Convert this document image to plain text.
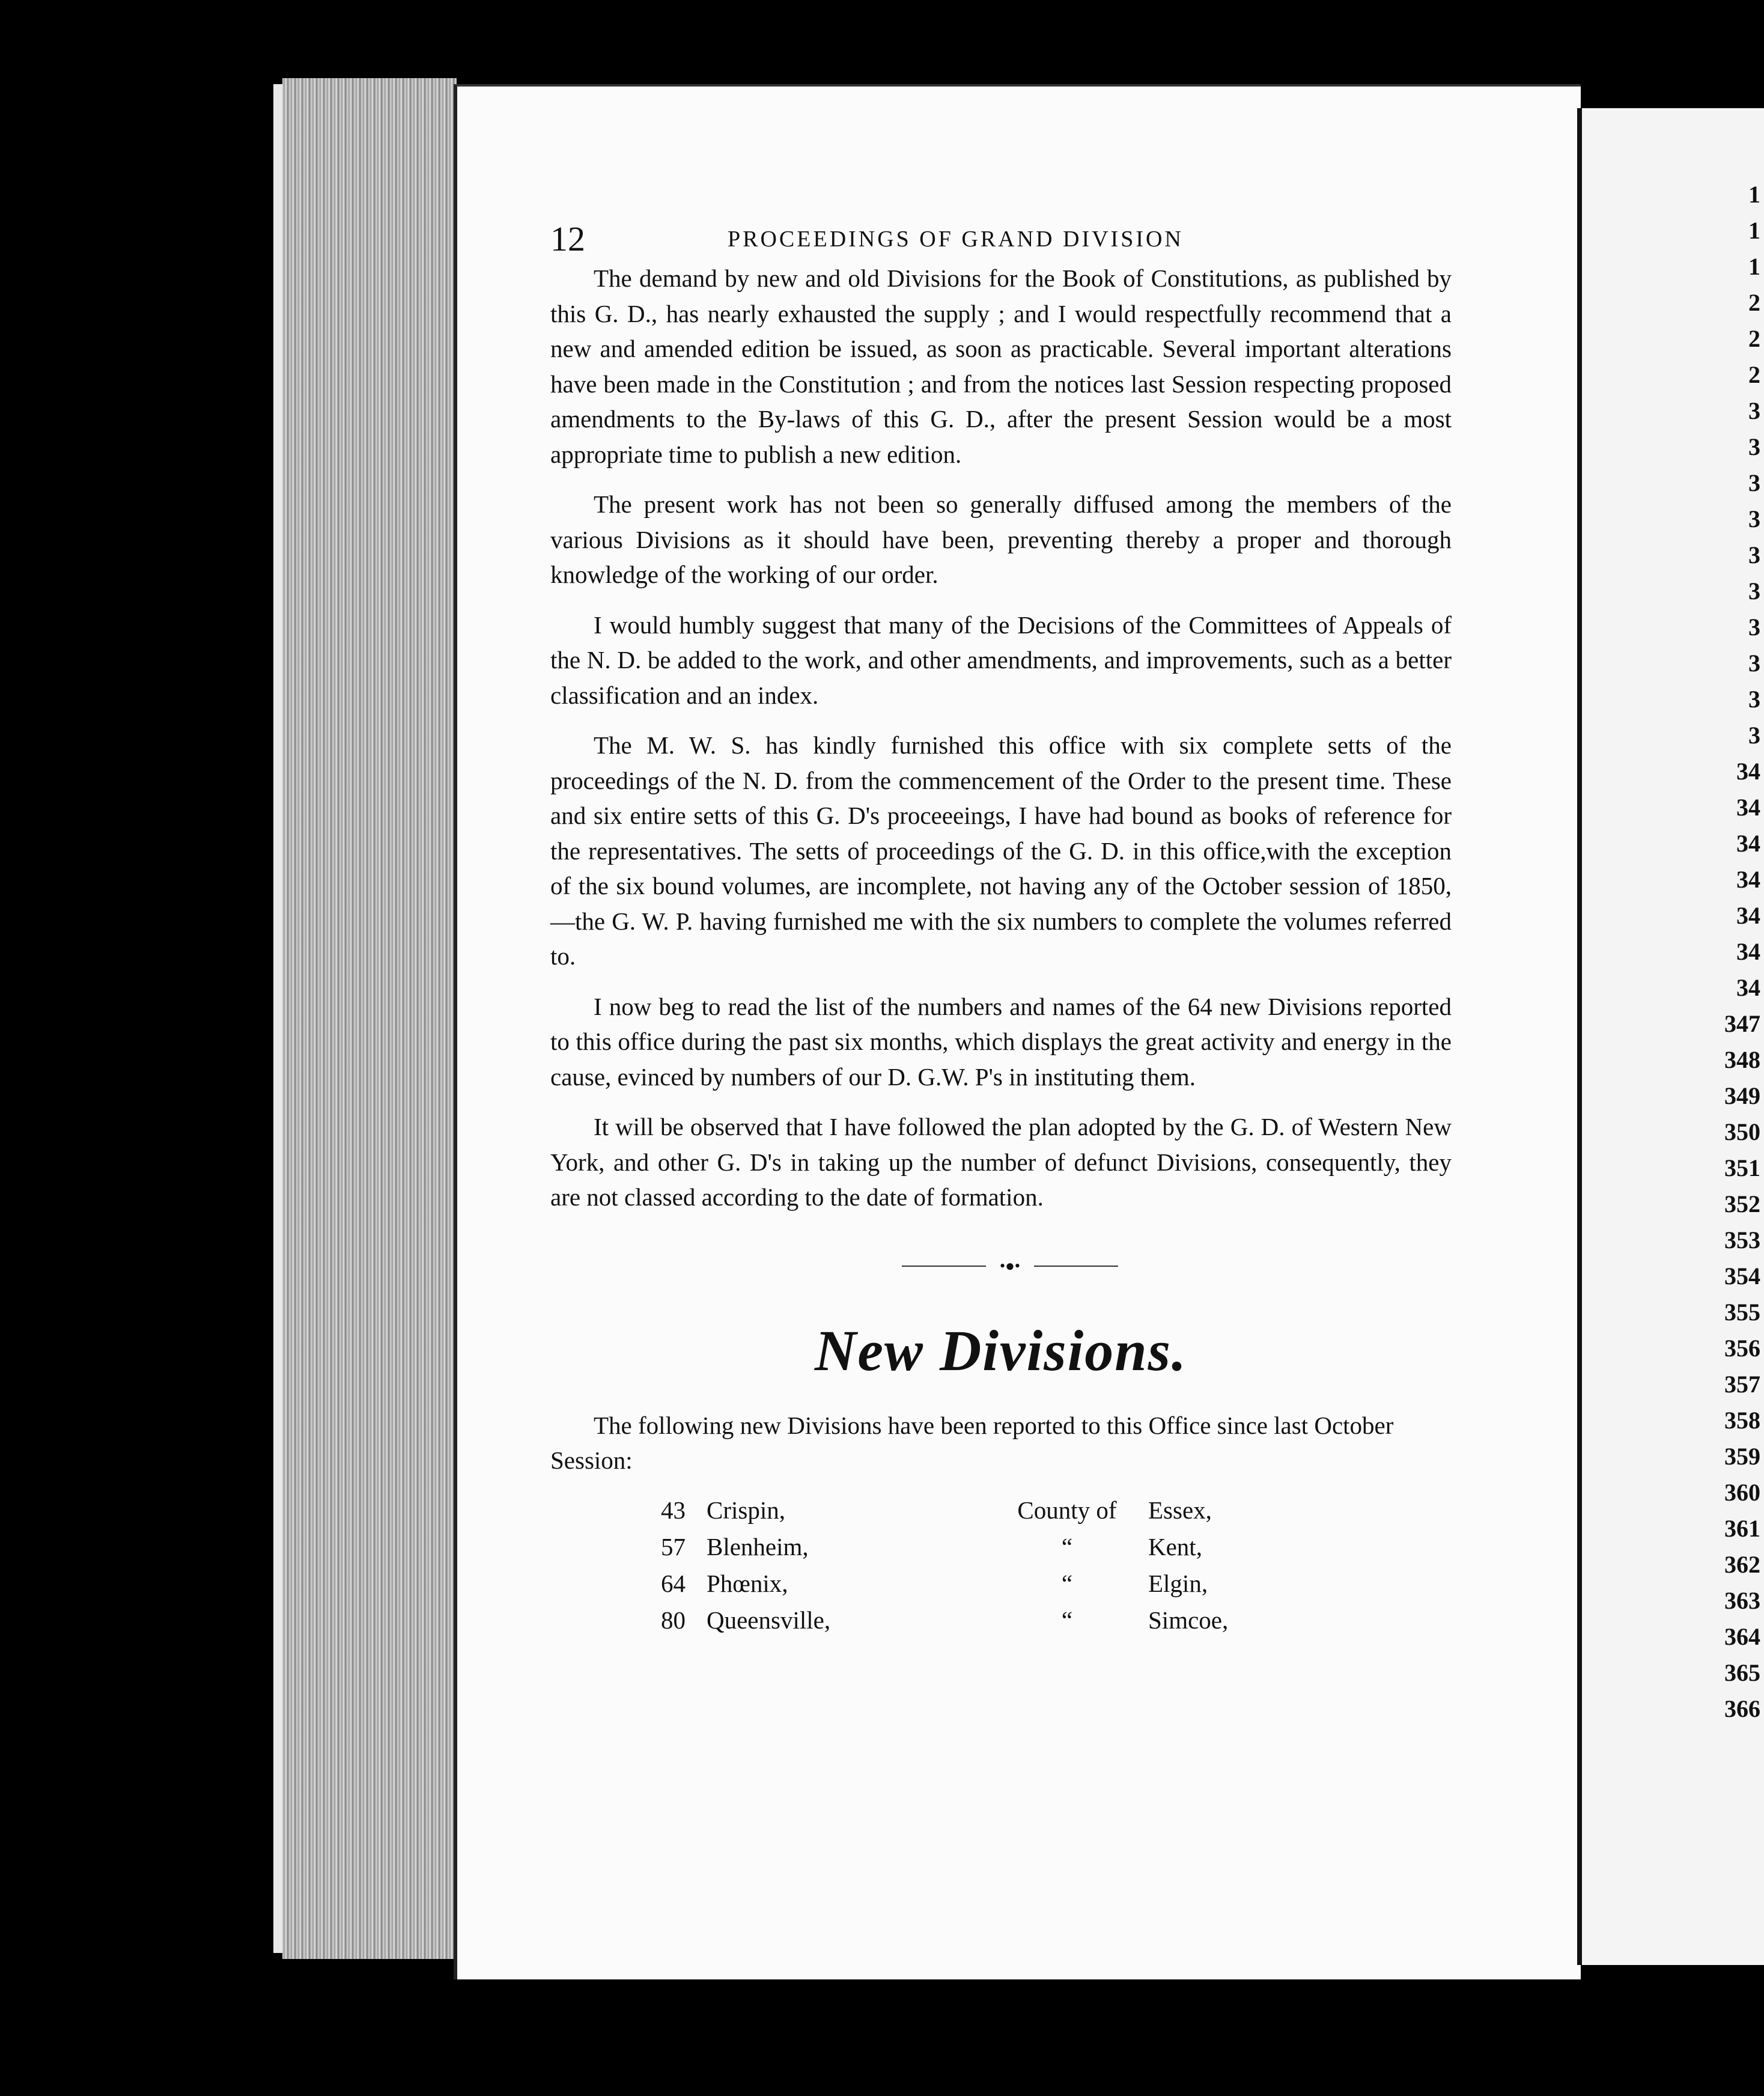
12	PROCEEDINGS OF GRAND DIVISION

The demand by new and old Divisions for the Book of Constitutions, as published by this G. D., has nearly exhausted the supply ; and I would respectfully recommend that a new and amended edition be issued, as soon as practicable. Several important alterations have been made in the Constitution ; and from the notices last Session respecting proposed amendments to the By-laws of this G. D., after the present Session would be a most appropriate time to publish a new edition.

The present work has not been so generally diffused among the members of the various Divisions as it should have been, preventing thereby a proper and thorough knowledge of the working of our order.

I would humbly suggest that many of the Decisions of the Committees of Appeals of the N. D. be added to the work, and other amendments, and improvements, such as a better classification and an index.

The M. W. S. has kindly furnished this office with six complete setts of the proceedings of the N. D. from the commencement of the Order to the present time. These and six entire setts of this G. D's proceeeings, I have had bound as books of reference for the representatives. The setts of proceedings of the G. D. in this office,with the exception of the six bound volumes, are incomplete, not having any of the October session of 1850,—the G. W. P. having furnished me with the six numbers to complete the volumes referred to.

I now beg to read the list of the numbers and names of the 64 new Divisions reported to this office during the past six months, which displays the great activity and energy in the cause, evinced by numbers of our D. G.W. P's in instituting them.

It will be observed that I have followed the plan adopted by the G. D. of Western New York, and other G. D's in taking up the number of defunct Divisions, consequently, they are not classed according to the date of formation.

•●•
New Divisions.

The following new Divisions have been reported to this Office since last October Session:

43 Crispin,	County of	Essex,
57 Blenheim,	“	Kent,
64 Phœnix,	“	Elgin,
80 Queensville,	“	Simcoe,
1
1
1
2
2
2
3
3
3
3
3
3
3
3
3
3
34
34
34
34
34
34
34
347
348
349
350
351
352
353
354
355
356
357
358
359
360
361
362
363
364
365
366
